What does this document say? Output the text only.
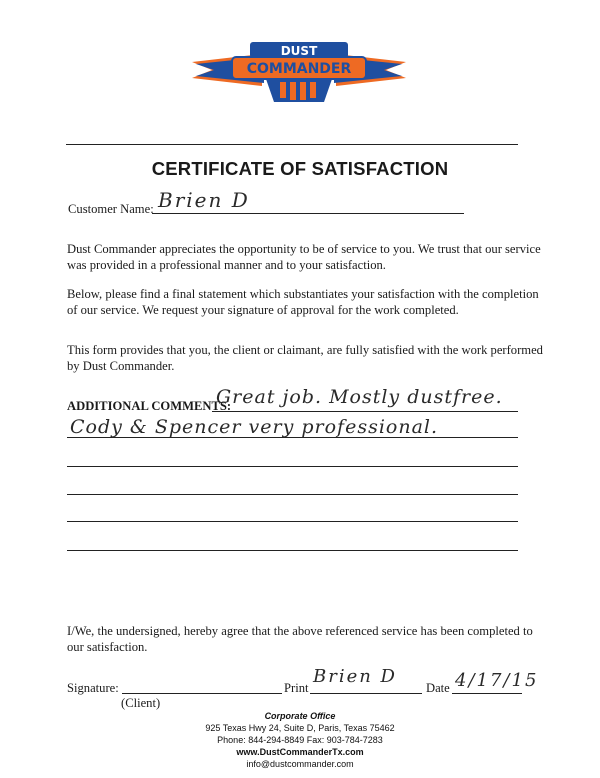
DUST
COMMANDER
CERTIFICATE OF SATISFACTION
Customer Name: Brien D
Dust Commander appreciates the opportunity to be of service to you. We trust that our service was provided in a professional manner and to your satisfaction.
Below, please find a final statement which substantiates your satisfaction with the completion of our service. We request your signature of approval for the work completed.
This form provides that you, the client or claimant, are fully satisfied with the work performed by Dust Commander.
ADDITIONAL COMMENTS:
Great job. Mostly dustfree.
Cody & Spencer very professional.
I/We, the undersigned, hereby agree that the above referenced service has been completed to our satisfaction.
Signature:
(Client)
Print
Brien D
Date 4/17/15
Corporate Office
925 Texas Hwy 24, Suite D, Paris, Texas 75462
Phone: 844-294-8849 Fax: 903-784-7283
www.DustCommanderTx.com
info@dustcommander.com
